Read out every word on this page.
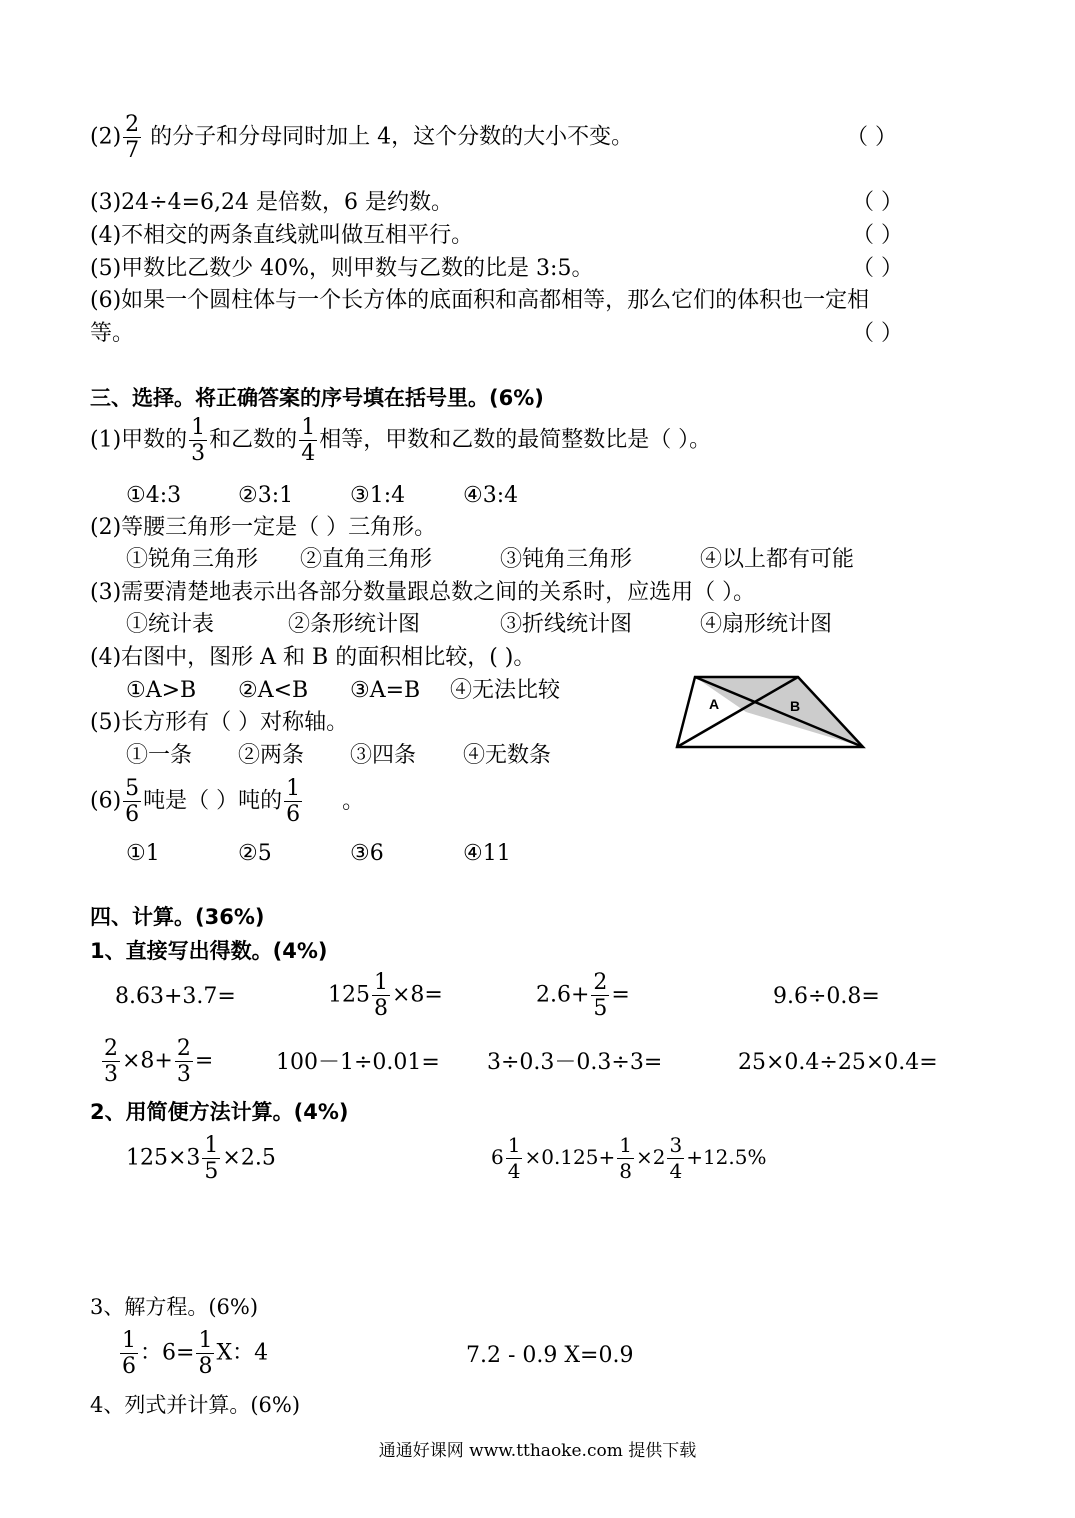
$(2) \frac{2}{7}$ 的分子和分母同时加上 4，这个分数的大小不变。	（ ）
(3)24÷4=6,24 是倍数，6 是约数。	（ ）
(4)不相交的两条直线就叫做互相平行。	（ ）
(5)甲数比乙数少 40%，则甲数与乙数的比是 3:5。	（ ）
(6)如果一个圆柱体与一个长方体的底面积和高都相等，那么它们的体积也一定相
等。	（ ）
三、选择。将正确答案的序号填在括号里。(6%)
(1)甲数的 $\frac{1}{3}$ 和乙数的 $\frac{1}{4}$ 相等，甲数和乙数的最简整数比是（ ）。
①4:3	②3:1	③1:4	④3:4
(2)等腰三角形一定是（ ）三角形。
①锐角三角形 ②直角三角形	③钝角三角形	④以上都有可能
(3)需要清楚地表示出各部分数量跟总数之间的关系时，应选用（ ）。
①统计表	②条形统计图	③折线统计图	④扇形统计图
(4)右图中，图形 A 和 B 的面积相比较，( )。
①A>B ②A<B ③A=B ④无法比较
(5)长方形有（ ）对称轴。
①一条 ②两条 ③四条 ④无数条
A	B
$(6) \frac{5}{6}$ 吨是（ ）吨的 $\frac{1}{6}$ 。
①1	②5	③6	④11
四、计算。(36%)
1、直接写出得数。(4%)
8.63+3.7=	$125 \frac{1}{8} \times 8=$	$2.6+ \frac{2}{5}$ =	9.6÷0.8=
$\frac{2}{3} \times 8+ \frac{2}{3}$ =	100－1÷0.01= 3÷0.3－0.3÷3=	25×0.4÷25×0.4=
2、用简便方法计算。(4%)
$125\times 3 \frac{1}{5} \times 2.5$	$6 \frac{1}{4} \times 0.125+ \frac{1}{8} \times 2 \frac{3}{4} +12.5\%$
3、解方程。(6%)
$\frac{1}{6}$ ：$6= \frac{1}{8}$ X：4	7.2 - 0.9 X=0.9
4、列式并计算。(6%)
通通好课网 www.tthaoke.com 提供下载
